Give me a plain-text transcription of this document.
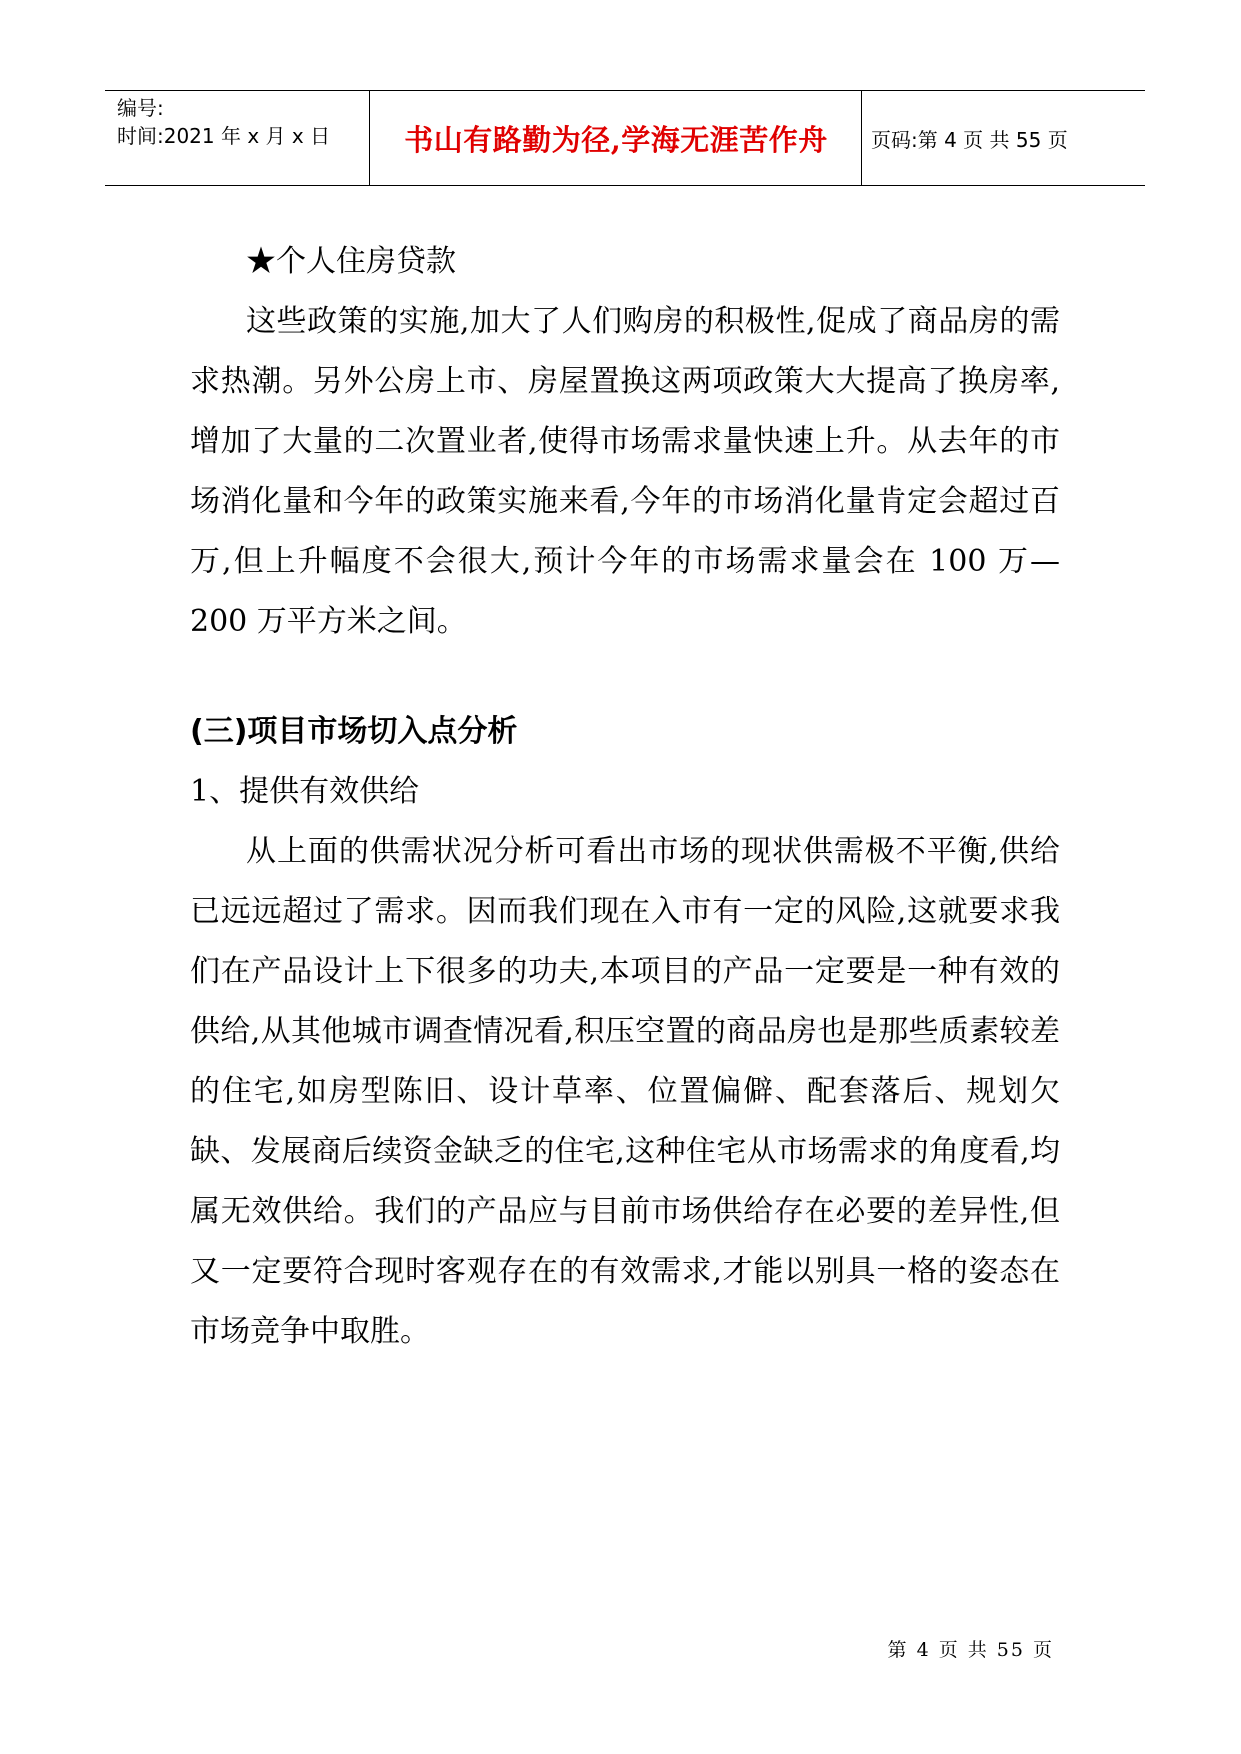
编号:
时间:2021 年 x 月 x 日	书山有路勤为径,学海无涯苦作舟	页码:第 4 页 共 55 页

★个人住房贷款

这些政策的实施,加大了人们购房的积极性,促成了商品房的需求热潮。另外公房上市、房屋置换这两项政策大大提高了换房率,增加了大量的二次置业者,使得市场需求量快速上升。从去年的市场消化量和今年的政策实施来看,今年的市场消化量肯定会超过百万,但上升幅度不会很大,预计今年的市场需求量会在 100 万—200 万平方米之间。

(三)项目市场切入点分析

1、提供有效供给

从上面的供需状况分析可看出市场的现状供需极不平衡,供给已远远超过了需求。因而我们现在入市有一定的风险,这就要求我们在产品设计上下很多的功夫,本项目的产品一定要是一种有效的供给,从其他城市调查情况看,积压空置的商品房也是那些质素较差的住宅,如房型陈旧、设计草率、位置偏僻、配套落后、规划欠缺、发展商后续资金缺乏的住宅,这种住宅从市场需求的角度看,均属无效供给。我们的产品应与目前市场供给存在必要的差异性,但又一定要符合现时客观存在的有效需求,才能以别具一格的姿态在市场竞争中取胜。

第 4 页 共 55 页
